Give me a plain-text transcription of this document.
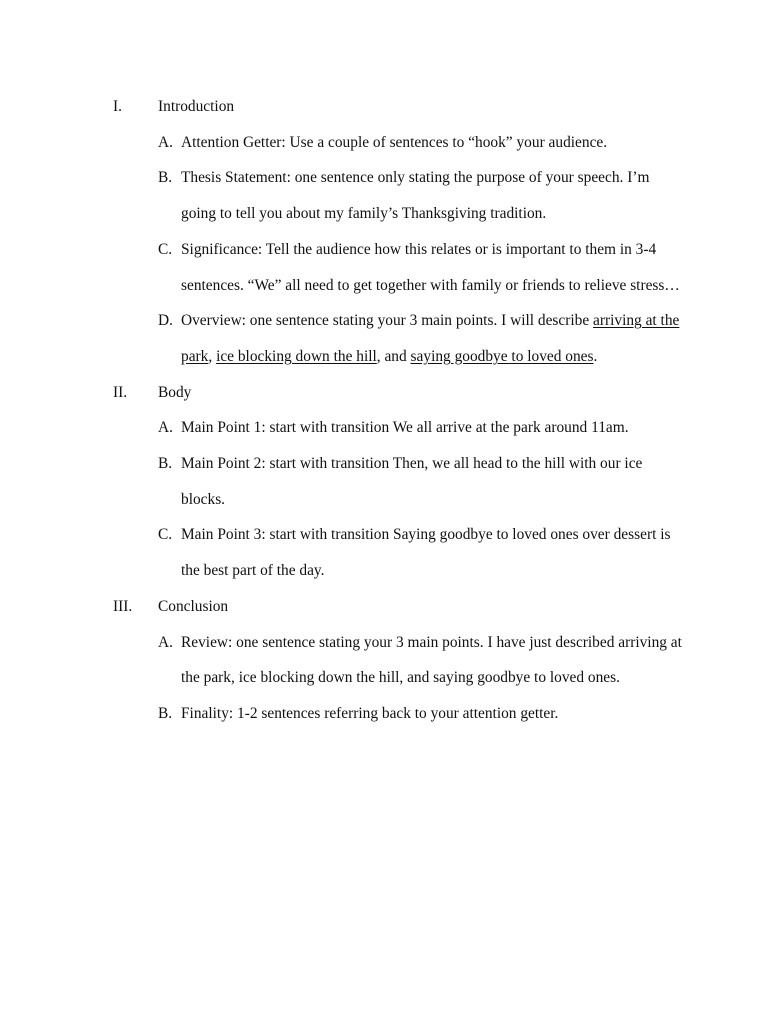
I. Introduction
A. Attention Getter: Use a couple of sentences to “hook” your audience.
B. Thesis Statement: one sentence only stating the purpose of your speech. I’m going to tell you about my family’s Thanksgiving tradition.
C. Significance: Tell the audience how this relates or is important to them in 3-4 sentences. “We” all need to get together with family or friends to relieve stress…
D. Overview: one sentence stating your 3 main points. I will describe arriving at the park, ice blocking down the hill, and saying goodbye to loved ones.
II. Body
A. Main Point 1: start with transition We all arrive at the park around 11am.
B. Main Point 2: start with transition Then, we all head to the hill with our ice blocks.
C. Main Point 3: start with transition Saying goodbye to loved ones over dessert is the best part of the day.
III. Conclusion
A. Review: one sentence stating your 3 main points. I have just described arriving at the park, ice blocking down the hill, and saying goodbye to loved ones.
B. Finality: 1-2 sentences referring back to your attention getter.
